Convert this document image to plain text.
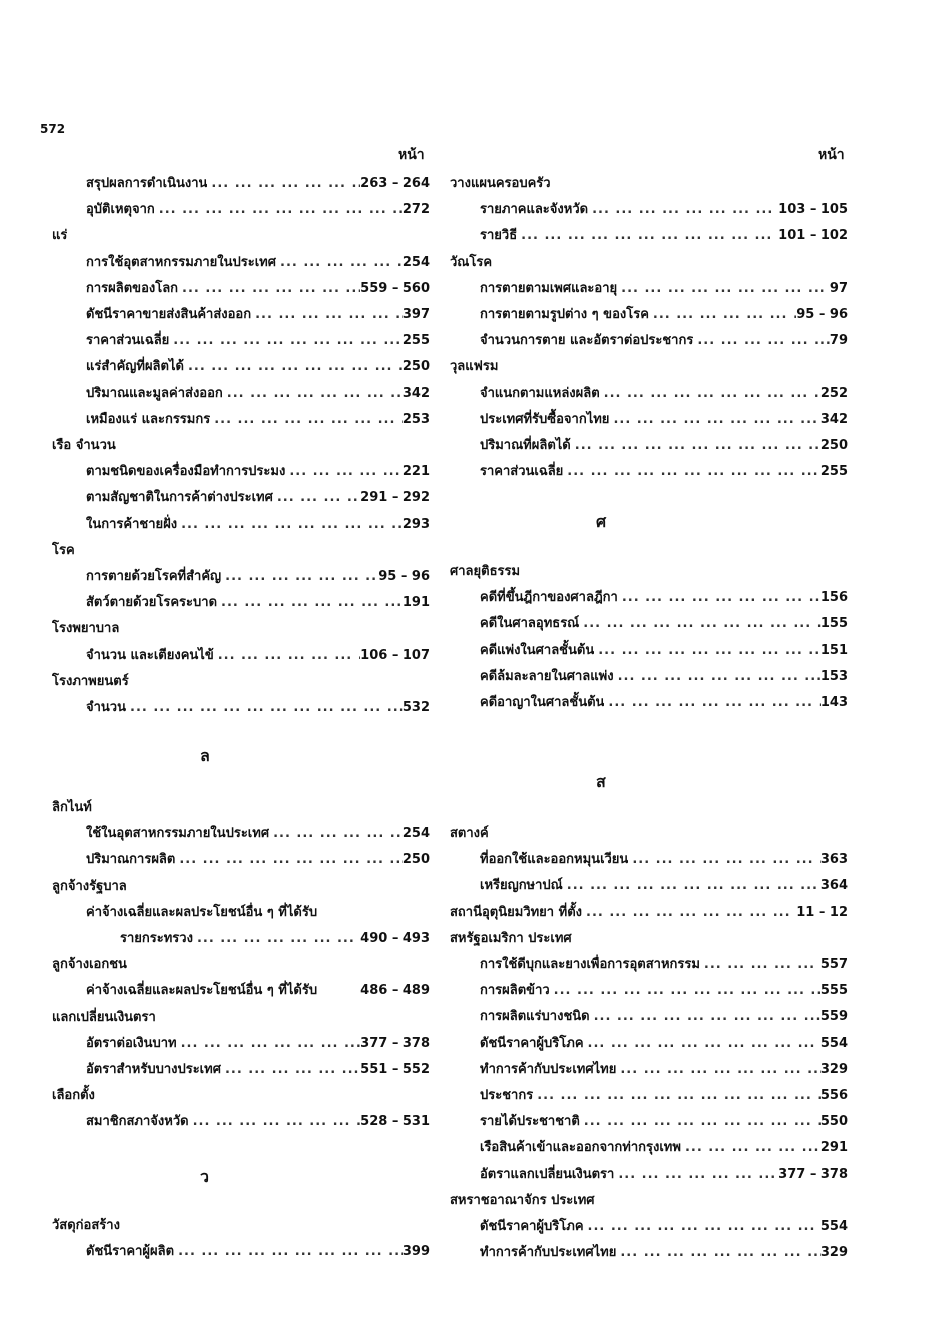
572
หน้า	หน้า
สรุปผลการดำเนินงาน ... .	263 – 264
อุบัติเหตุจาก ... .	272
แร่
การใช้อุตสาหกรรมภายในประเทศ ... .	254
การผลิตของโลก ... .	559 – 560
ดัชนีราคาขายส่งสินค้าส่งออก ... .	397
ราคาส่วนเฉลี่ย ... .	255
แร่สำคัญที่ผลิตได้ ... .	250
ปริมาณและมูลค่าส่งออก ... .	342
เหมืองแร่ และกรรมกร ... .	253
เรือ จำนวน
ตามชนิดของเครื่องมือทำการประมง ... .	221
ตามสัญชาติในการค้าต่างประเทศ ... .	291 – 292
ในการค้าชายฝั่ง ... .	293
โรค
การตายด้วยโรคที่สำคัญ ... .	95 – 96
สัตว์ตายด้วยโรคระบาด ... .	191
โรงพยาบาล
จำนวน และเตียงคนไข้ ... .	106 – 107
โรงภาพยนตร์
จำนวน ... .	532
ลิกไนท์
ใช้ในอุตสาหกรรมภายในประเทศ ... .	254
ปริมาณการผลิต ... .	250
ลูกจ้างรัฐบาล
ค่าจ้างเฉลี่ยและผลประโยชน์อื่น ๆ ที่ได้รับ
รายกระทรวง ... .	490 – 493
ลูกจ้างเอกชน
ค่าจ้างเฉลี่ยและผลประโยชน์อื่น ๆ ที่ได้รับ	486 – 489
แลกเปลี่ยนเงินตรา
อัตราต่อเงินบาท ... .	377 – 378
อัตราสำหรับบางประเทศ ... .	551 – 552
เลือกตั้ง
สมาชิกสภาจังหวัด ... .	528 – 531
วัสดุก่อสร้าง
ดัชนีราคาผู้ผลิต ... .	399
วางแผนครอบครัว
รายภาคและจังหวัด ... .	103 – 105
รายวิธี ... .	101 – 102
วัณโรค
การตายตามเพศและอายุ ... .	97
การตายตามรูปต่าง ๆ ของโรค ... .	95 – 96
จำนวนการตาย และอัตราต่อประชากร ... .	79
วุลแฟรม
จำแนกตามแหล่งผลิต ... .	252
ประเทศที่รับซื้อจากไทย ... .	342
ปริมาณที่ผลิตได้ ... .	250
ราคาส่วนเฉลี่ย ... .	255
ศาลยุติธรรม
คดีที่ขึ้นฎีกาของศาลฎีกา ... .	156
คดีในศาลอุทธรณ์ ... .	155
คดีแพ่งในศาลชั้นต้น ... .	151
คดีล้มละลายในศาลแพ่ง ... .	153
คดีอาญาในศาลชั้นต้น ... .	143
สตางค์
ที่ออกใช้และออกหมุนเวียน ... .	363
เหรียญกษาปณ์ ... .	364
สถานีอุตุนิยมวิทยา ที่ตั้ง ... .	11 – 12
สหรัฐอเมริกา ประเทศ
การใช้ดีบุกและยางเพื่อการอุตสาหกรรม ... .	557
การผลิตข้าว ... .	555
การผลิตแร่บางชนิด ... .	559
ดัชนีราคาผู้บริโภค ... .	554
ทำการค้ากับประเทศไทย ... .	329
ประชากร ... .	556
รายได้ประชาชาติ ... .	550
เรือสินค้าเข้าและออกจากท่ากรุงเทพ ... .	291
อัตราแลกเปลี่ยนเงินตรา ... .	377 – 378
สหราชอาณาจักร ประเทศ
ดัชนีราคาผู้บริโภค ... .	554
ทำการค้ากับประเทศไทย ... .	329
ล
ว
ศ
ส
